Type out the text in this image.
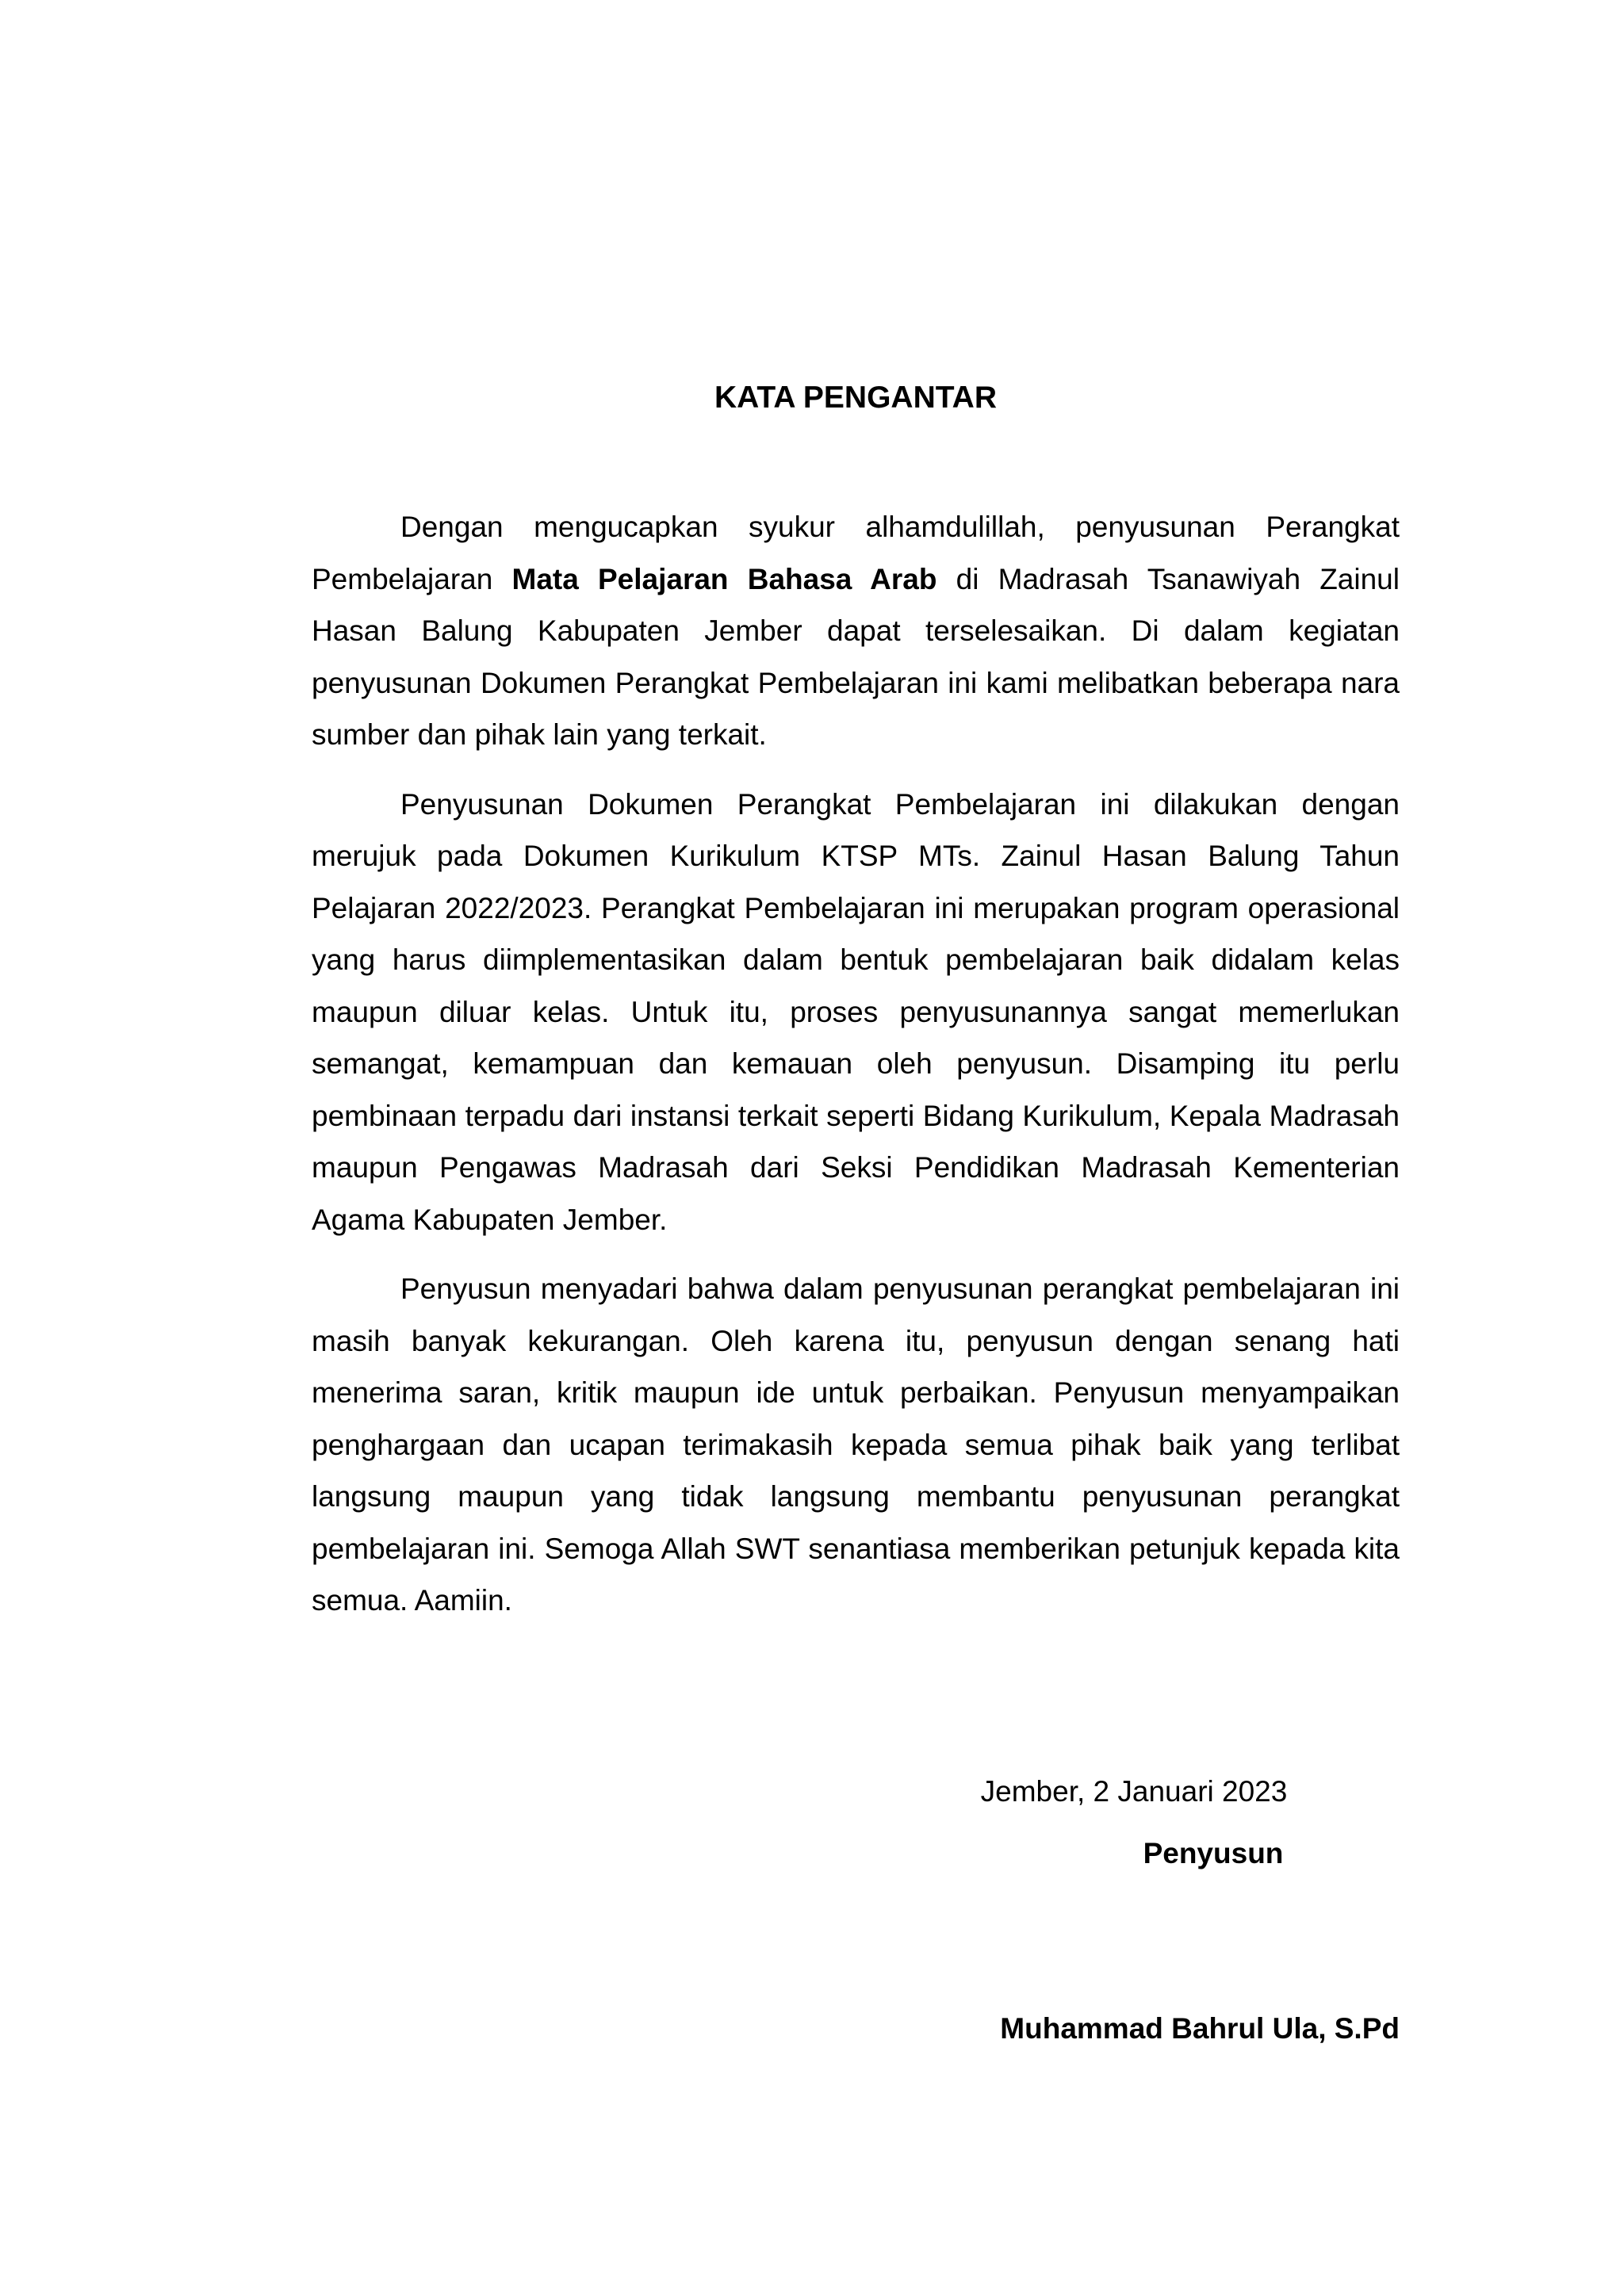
KATA PENGANTAR

Dengan mengucapkan syukur alhamdulillah, penyusunan Perangkat Pembelajaran Mata Pelajaran Bahasa Arab di Madrasah Tsanawiyah Zainul Hasan Balung Kabupaten Jember dapat terselesaikan. Di dalam kegiatan penyusunan Dokumen Perangkat Pembelajaran ini kami melibatkan beberapa nara sumber dan pihak lain yang terkait.

Penyusunan Dokumen Perangkat Pembelajaran ini dilakukan dengan merujuk pada Dokumen Kurikulum KTSP MTs. Zainul Hasan Balung Tahun Pelajaran 2022/2023. Perangkat Pembelajaran ini merupakan program operasional yang harus diimplementasikan dalam bentuk pembelajaran baik didalam kelas maupun diluar kelas. Untuk itu, proses penyusunannya sangat memerlukan semangat, kemampuan dan kemauan oleh penyusun. Disamping itu perlu pembinaan terpadu dari instansi terkait seperti Bidang Kurikulum, Kepala Madrasah maupun Pengawas Madrasah dari Seksi Pendidikan Madrasah Kementerian Agama Kabupaten Jember.

Penyusun menyadari bahwa dalam penyusunan perangkat pembelajaran ini masih banyak kekurangan. Oleh karena itu, penyusun dengan senang hati menerima saran, kritik maupun ide untuk perbaikan. Penyusun menyampaikan penghargaan dan ucapan terimakasih kepada semua pihak baik yang terlibat langsung maupun yang tidak langsung membantu penyusunan perangkat pembelajaran ini. Semoga Allah SWT senantiasa memberikan petunjuk kepada kita semua. Aamiin.

Jember, 2 Januari 2023

Penyusun

Muhammad Bahrul Ula, S.Pd
